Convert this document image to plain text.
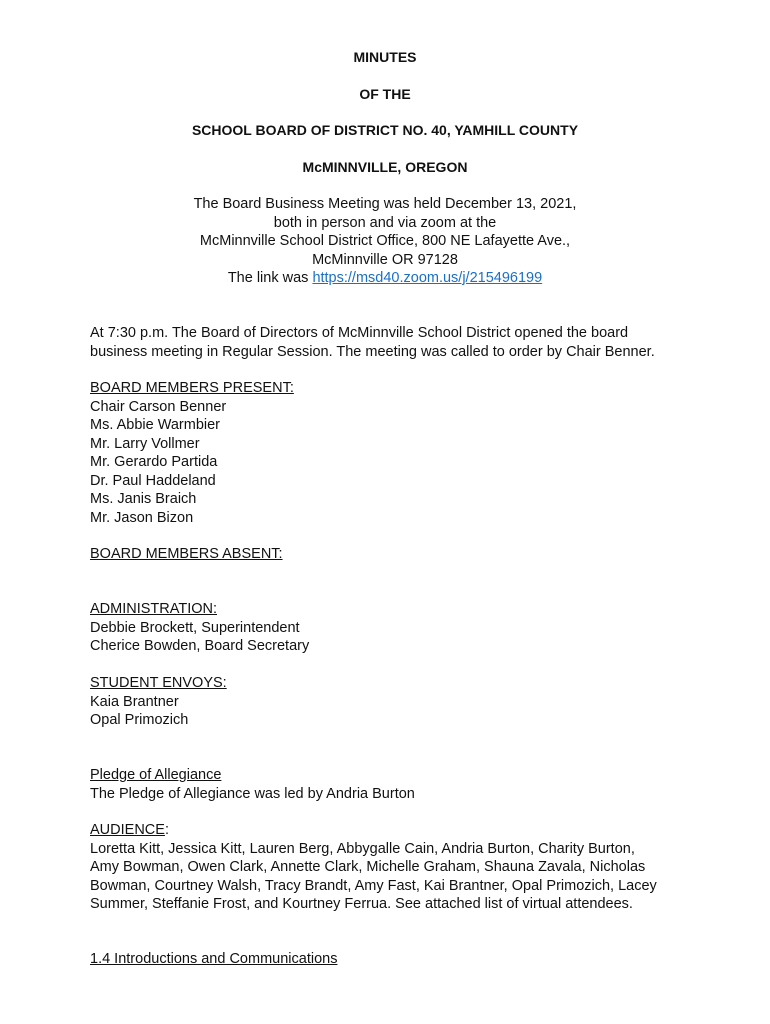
MINUTES
OF THE
SCHOOL BOARD OF DISTRICT NO. 40, YAMHILL COUNTY
McMINNVILLE, OREGON
The Board Business Meeting was held December 13, 2021,
both in person and via zoom at the
McMinnville School District Office, 800 NE Lafayette Ave.,
McMinnville OR 97128
The link was https://msd40.zoom.us/j/215496199
At 7:30 p.m. The Board of Directors of McMinnville School District opened the board
business meeting in Regular Session. The meeting was called to order by Chair Benner.
BOARD MEMBERS PRESENT:
Chair Carson Benner
Ms. Abbie Warmbier
Mr. Larry Vollmer
Mr. Gerardo Partida
Dr. Paul Haddeland
Ms. Janis Braich
Mr. Jason Bizon
BOARD MEMBERS ABSENT:
ADMINISTRATION:
Debbie Brockett, Superintendent
Cherice Bowden, Board Secretary
STUDENT ENVOYS:
Kaia Brantner
Opal Primozich
Pledge of Allegiance
The Pledge of Allegiance was led by Andria Burton
AUDIENCE:
Loretta Kitt, Jessica Kitt, Lauren Berg, Abbygalle Cain, Andria Burton, Charity Burton,
Amy Bowman, Owen Clark, Annette Clark, Michelle Graham, Shauna Zavala, Nicholas
Bowman, Courtney Walsh, Tracy Brandt, Amy Fast, Kai Brantner, Opal Primozich, Lacey
Summer, Steffanie Frost, and Kourtney Ferrua. See attached list of virtual attendees.
1.4 Introductions and Communications
